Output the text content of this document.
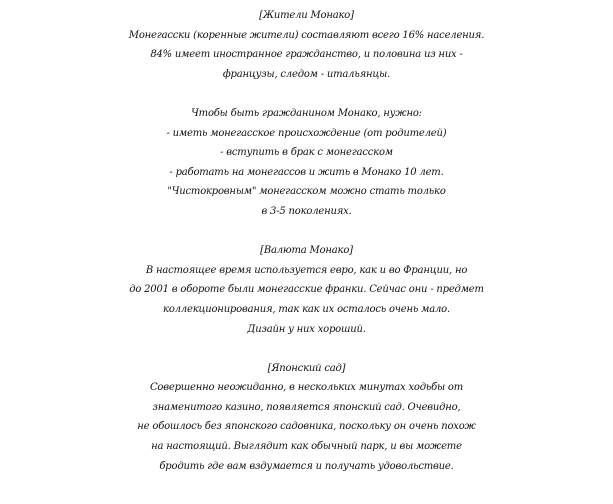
[Жители Монако]
Монегасски (коренные жители) составляют всего 16% населения.
84% имеет иностранное гражданство, и половина из них -
французы, следом - итальянцы.
Чтобы быть гражданином Монако, нужно:
- иметь монегасское происхождение (от родителей)
- вступить в брак с монегасском
- работать на монегассов и жить в Монако 10 лет.
"Чистокровным" монегасском можно стать только
в 3-5 поколениях.
[Валюта Монако]
В настоящее время используется евро, как и во Франции, но
до 2001 в обороте были монегасские франки. Сейчас они - предмет
коллекционирования, так как их осталось очень мало.
Дизайн у них хороший.
[Японский сад]
Совершенно неожиданно, в нескольких минутах ходьбы от
знаменитого казино, появляется японский сад. Очевидно,
не обошлось без японского садовника, поскольку он очень похож
на настоящий. Выглядит как обычный парк, и вы можете
бродить где вам вздумается и получать удовольствие.
